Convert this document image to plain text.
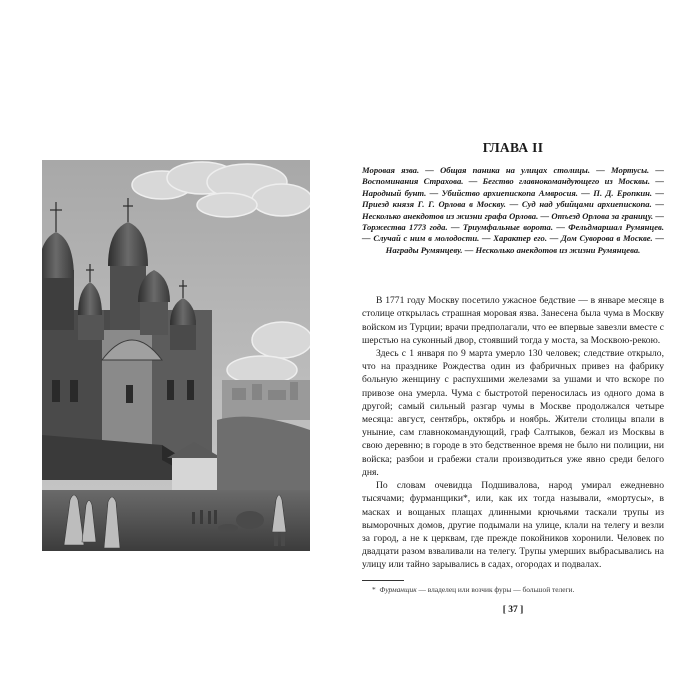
ГЛАВА II

Моровая язва. — Общая паника на улицах столицы. — Мортусы. — Воспоминания Страхова. — Бегство главнокомандующего из Москвы. — Народный бунт. — Убийство архиепископа Амвросия. — П. Д. Еропкин. — Приезд князя Г. Г. Орлова в Москву. — Суд над убийцами архиепископа. — Несколько анекдотов из жизни графа Орлова. — Отъезд Орлова за границу. — Торжества 1773 года. — Триумфальные ворота. — Фельдмаршал Румянцев. — Случай с ним в молодости. — Характер его. — Дом Суворова в Москве. — Награды Румянцеву. — Несколько анекдотов из жизни Румянцева.

В 1771 году Москву посетило ужасное бедствие — в январе месяце в столице открылась страшная моровая язва. Занесена была чума в Москву войском из Турции; врачи предполагали, что ее впервые завезли вместе с шерстью на суконный двор, стоявший тогда у моста, за Москвою-рекою.

Здесь с 1 января по 9 марта умерло 130 человек; следствие открыло, что на празднике Рождества один из фабричных привез на фабрику больную женщину с распухшими железами за ушами и что вскоре по привозе она умерла. Чума с быстротой переносилась из одного дома в другой; самый сильный разгар чумы в Москве продолжался четыре месяца: август, сентябрь, октябрь и ноябрь. Жители столицы впали в уныние, сам главнокомандующий, граф Салтыков, бежал из Москвы в свою деревню; в городе в это бедственное время не было ни полиции, ни войска; разбои и грабежи стали производиться уже явно среди белого дня.

По словам очевидца Подшивалова, народ умирал ежедневно тысячами; фурманщики*, или, как их тогда называли, «мортусы», в масках и вощаных плащах длинными крючьями таскали трупы из выморочных домов, другие подымали на улице, клали на телегу и везли за город, а не к церквам, где прежде покойников хоронили. Человек по двадцати разом взваливали на телегу. Трупы умерших выбрасывались на улицу или тайно зарывались в садах, огородах и подвалах.

* Фурманщик — владелец или возчик фуры — большой телеги.

[ 37 ]
